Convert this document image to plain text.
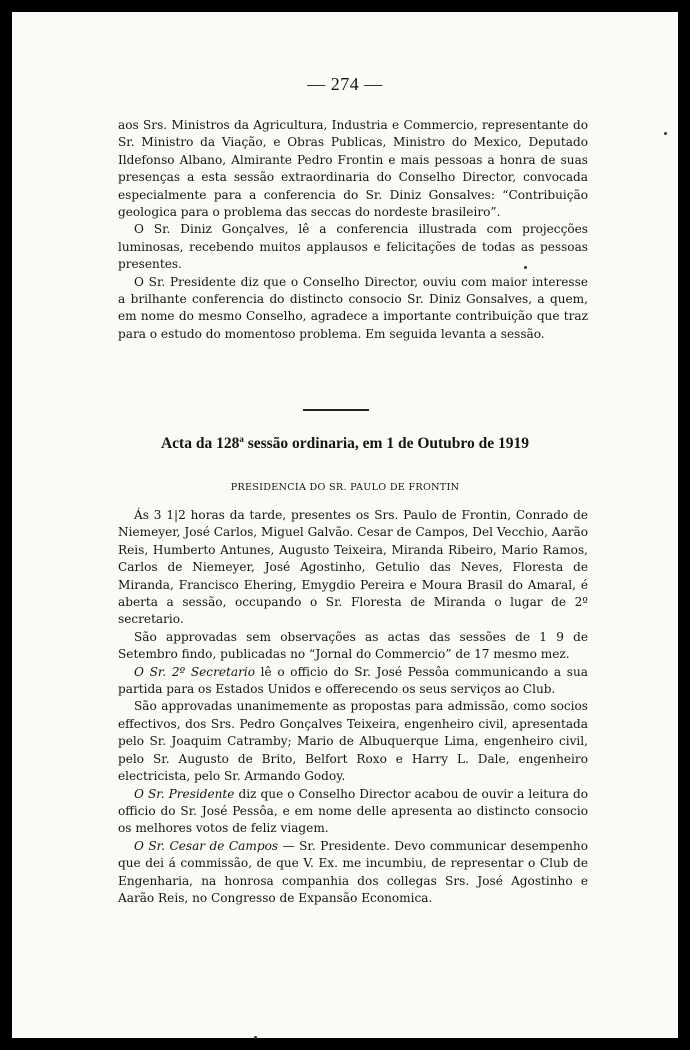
— 274 —

aos Srs. Ministros da Agricultura, Industria e Commercio, representante do Sr. Ministro da Viação, e Obras Publicas, Ministro do Mexico, Deputado Ildefonso Albano, Almirante Pedro Frontin e mais pessoas a honra de suas presenças a esta sessão extraordinaria do Conselho Director, convocada especialmente para a conferencia do Sr. Diniz Gonsalves: “Contribuição geologica para o problema das seccas do nordeste brasileiro”.

O Sr. Diniz Gonçalves, lê a conferencia illustrada com projecções luminosas, recebendo muitos applausos e felicitações de todas as pessoas presentes.

O Sr. Presidente diz que o Conselho Director, ouviu com maior interesse a brilhante conferencia do distincto consocio Sr. Diniz Gonsalves, a quem, em nome do mesmo Conselho, agradece a importante contribuição que traz para o estudo do momentoso problema. Em seguida levanta a sessão.

Acta da 128$^a$ sessão ordinaria, em 1 de Outubro de 1919
PRESIDENCIA DO SR. PAULO DE FRONTIN

Ás 3 1|2 horas da tarde, presentes os Srs. Paulo de Frontin, Conrado de Niemeyer, José Carlos, Miguel Galvão. Cesar de Campos, Del Vecchio, Aarão Reis, Humberto Antunes, Augusto Teixeira, Miranda Ribeiro, Mario Ramos, Carlos de Niemeyer, José Agostinho, Getulio das Neves, Floresta de Miranda, Francisco Ehering, Emygdio Pereira e Moura Brasil do Amaral, é aberta a sessão, occupando o Sr. Floresta de Miranda o lugar de 2º secretario.

São approvadas sem observações as actas das sessões de 1 9 de Setembro findo, publicadas no “Jornal do Commercio” de 17 mesmo mez.

O Sr. 2º Secretario lê o officio do Sr. José Pessôa communicando a sua partida para os Estados Unidos e offerecendo os seus serviços ao Club.

São approvadas unanimemente as propostas para admissão, como socios effectivos, dos Srs. Pedro Gonçalves Teixeira, engenheiro civil, apresentada pelo Sr. Joaquim Catramby; Mario de Albuquerque Lima, engenheiro civil, pelo Sr. Augusto de Brito, Belfort Roxo e Harry L. Dale, engenheiro electricista, pelo Sr. Armando Godoy.

O Sr. Presidente diz que o Conselho Director acabou de ouvir a leitura do officio do Sr. José Pessôa, e em nome delle apresenta ao distincto consocio os melhores votos de feliz viagem.

O Sr. Cesar de Campos — Sr. Presidente. Devo communicar desempenho que dei á commissão, de que V. Ex. me incumbiu, de representar o Club de Engenharia, na honrosa companhia dos collegas Srs. José Agostinho e Aarão Reis, no Congresso de Expansão Economica.
